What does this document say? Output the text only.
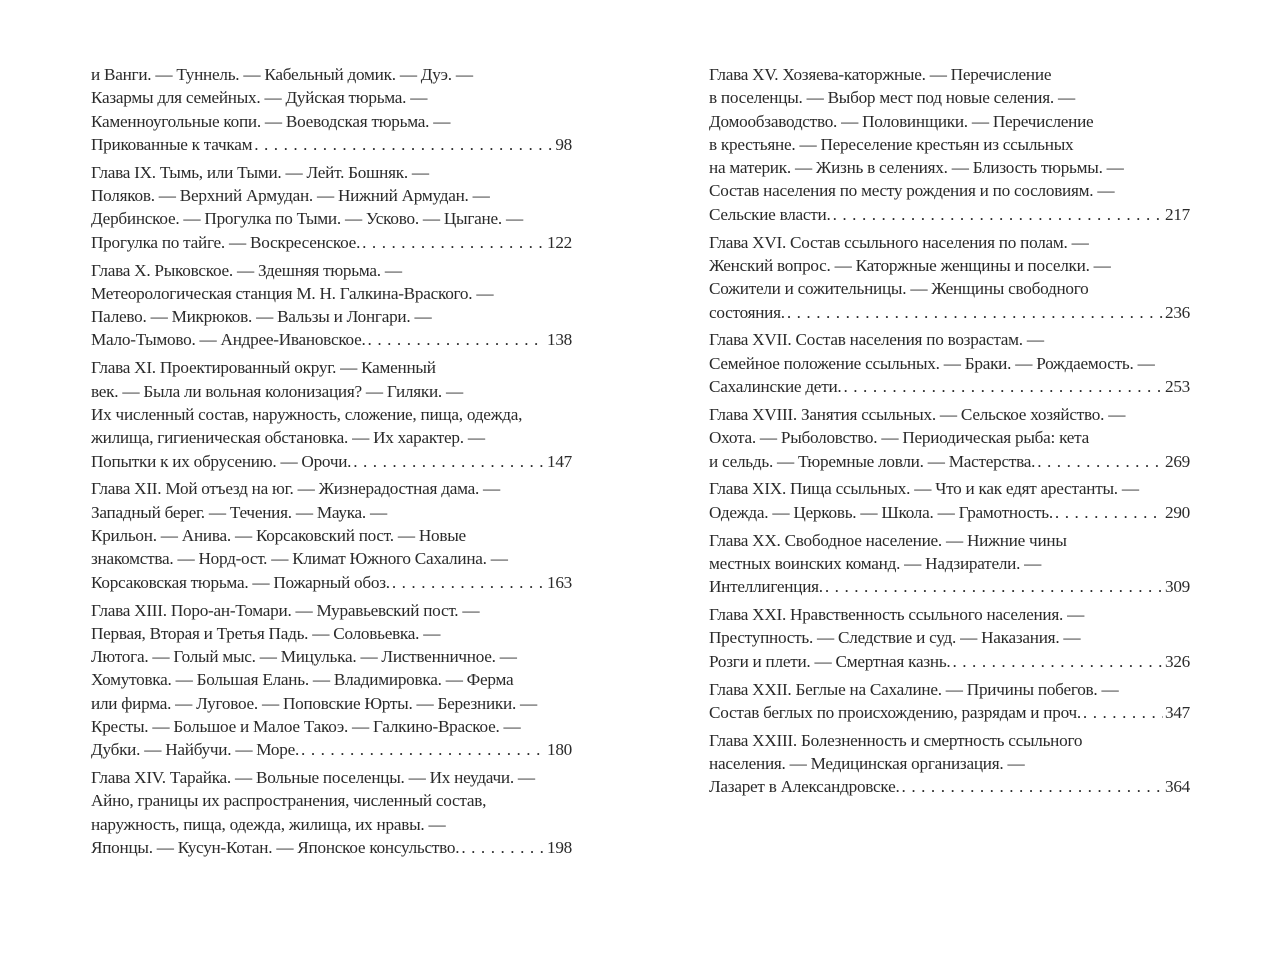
и Ванги. — Туннель. — Кабельный домик. — Дуэ. —
Казармы для семейных. — Дуйская тюрьма. —
Каменноугольные копи. — Воеводская тюрьма. —
Прикованные к тачкам . . .	98
Глава IX. Тымь, или Тыми. — Лейт. Бошняк. —
Поляков. — Верхний Армудан. — Нижний Армудан. —
Дербинское. — Прогулка по Тыми. — Усково. — Цыгане. —
Прогулка по тайге. — Воскресенское. . . .	122
Глава X. Рыковское. — Здешняя тюрьма. —
Метеорологическая станция М. Н. Галкина-Враского. —
Палево. — Микрюков. — Вальзы и Лонгари. —
Мало-Тымово. — Андрее-Ивановское. . . .	138
Глава XI. Проектированный округ. — Каменный
век. — Была ли вольная колонизация? — Гиляки. —
Их численный состав, наружность, сложение, пища, одежда,
жилища, гигиеническая обстановка. — Их характер. —
Попытки к их обрусению. — Орочи. . . .	147
Глава XII. Мой отъезд на юг. — Жизнерадостная дама. —
Западный берег. — Течения. — Маука. —
Крильон. — Анива. — Корсаковский пост. — Новые
знакомства. — Норд-ост. — Климат Южного Сахалина. —
Корсаковская тюрьма. — Пожарный обоз. . . .	163
Глава XIII. Поро-ан-Томари. — Муравьевский пост. —
Первая, Вторая и Третья Падь. — Соловьевка. —
Лютога. — Голый мыс. — Мицулька. — Лиственничное. —
Хомутовка. — Большая Елань. — Владимировка. — Ферма
или фирма. — Луговое. — Поповские Юрты. — Березники. —
Кресты. — Большое и Малое Такоэ. — Галкино-Враское. —
Дубки. — Найбучи. — Море. . . .	180
Глава XIV. Тарайка. — Вольные поселенцы. — Их неудачи. —
Айно, границы их распространения, численный состав,
наружность, пища, одежда, жилища, их нравы. —
Японцы. — Кусун-Котан. — Японское консульство. . . .	198
Глава XV. Хозяева-каторжные. — Перечисление
в поселенцы. — Выбор мест под новые селения. —
Домообзаводство. — Половинщики. — Перечисление
в крестьяне. — Переселение крестьян из ссыльных
на материк. — Жизнь в селениях. — Близость тюрьмы. —
Состав населения по месту рождения и по сословиям. —
Сельские власти. . . .	217
Глава XVI. Состав ссыльного населения по полам. —
Женский вопрос. — Каторжные женщины и поселки. —
Сожители и сожительницы. — Женщины свободного
состояния. . . .	236
Глава XVII. Состав населения по возрастам. —
Семейное положение ссыльных. — Браки. — Рождаемость. —
Сахалинские дети. . . .	253
Глава XVIII. Занятия ссыльных. — Сельское хозяйство. —
Охота. — Рыболовство. — Периодическая рыба: кета
и сельдь. — Тюремные ловли. — Мастерства. . . .	269
Глава XIX. Пища ссыльных. — Что и как едят арестанты. —
Одежда. — Церковь. — Школа. — Грамотность. . . .	290
Глава XX. Свободное население. — Нижние чины
местных воинских команд. — Надзиратели. —
Интеллигенция. . . .	309
Глава XXI. Нравственность ссыльного населения. —
Преступность. — Следствие и суд. — Наказания. —
Розги и плети. — Смертная казнь. . . .	326
Глава XXII. Беглые на Сахалине. — Причины побегов. —
Состав беглых по происхождению, разрядам и проч. . . .	347
Глава XXIII. Болезненность и смертность ссыльного
населения. — Медицинская организация. —
Лазарет в Александровске. . . .	364
